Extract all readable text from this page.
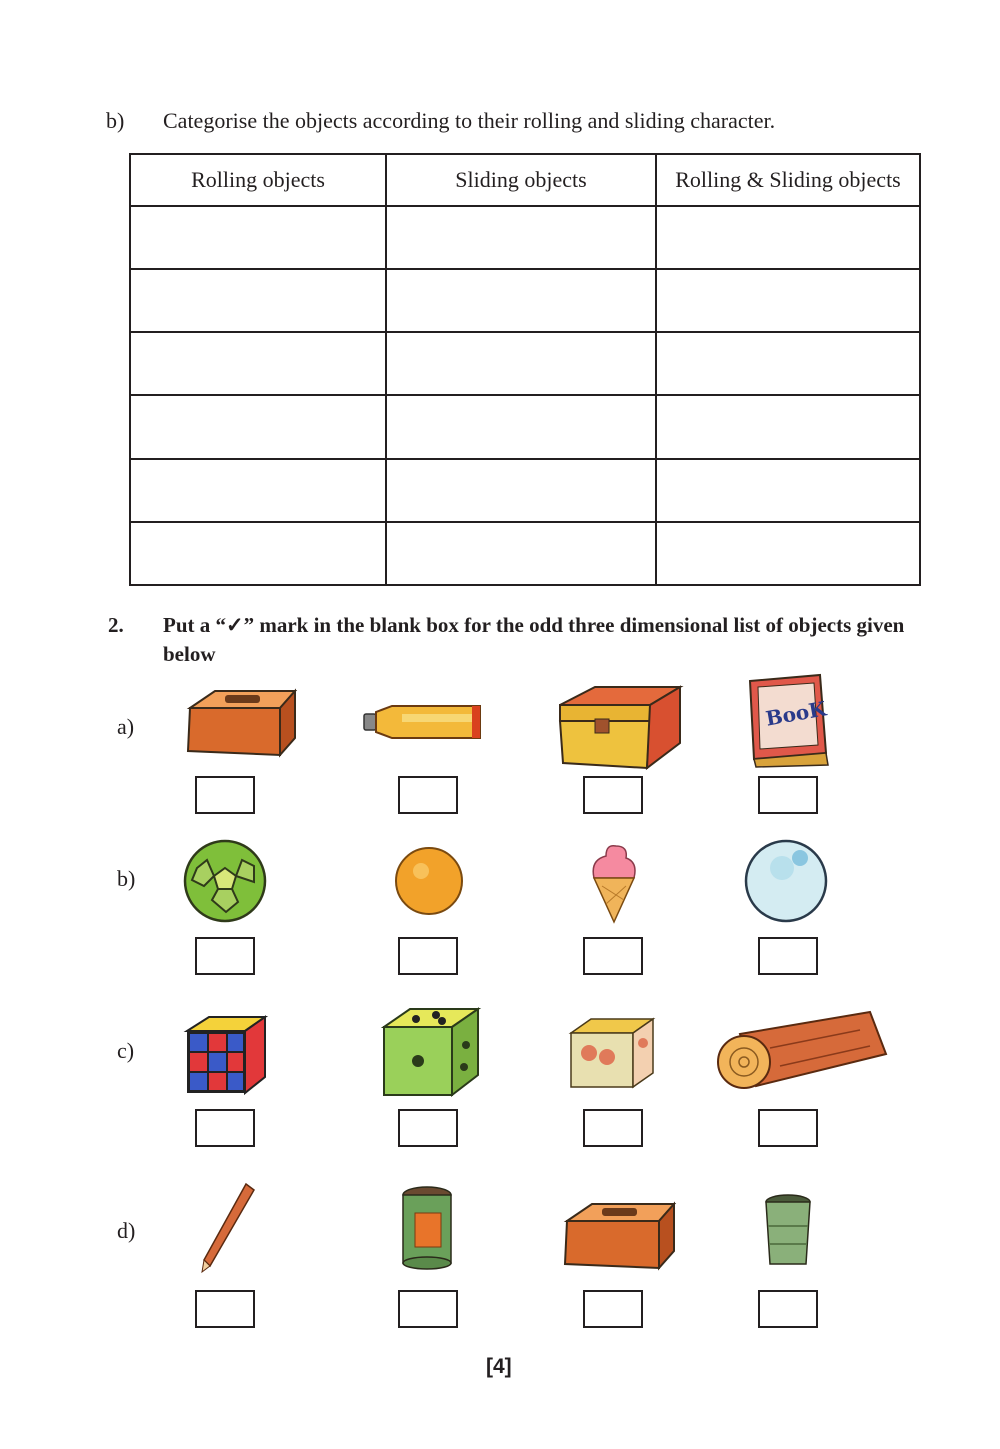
b) Categorise the objects according to their rolling and sliding character.
Rolling objects	Sliding objects	Rolling & Sliding objects

2. Put a “✓” mark in the blank box for the odd three dimensional list of objects given below
a)
b)
c)
d)
BooK
[4]
